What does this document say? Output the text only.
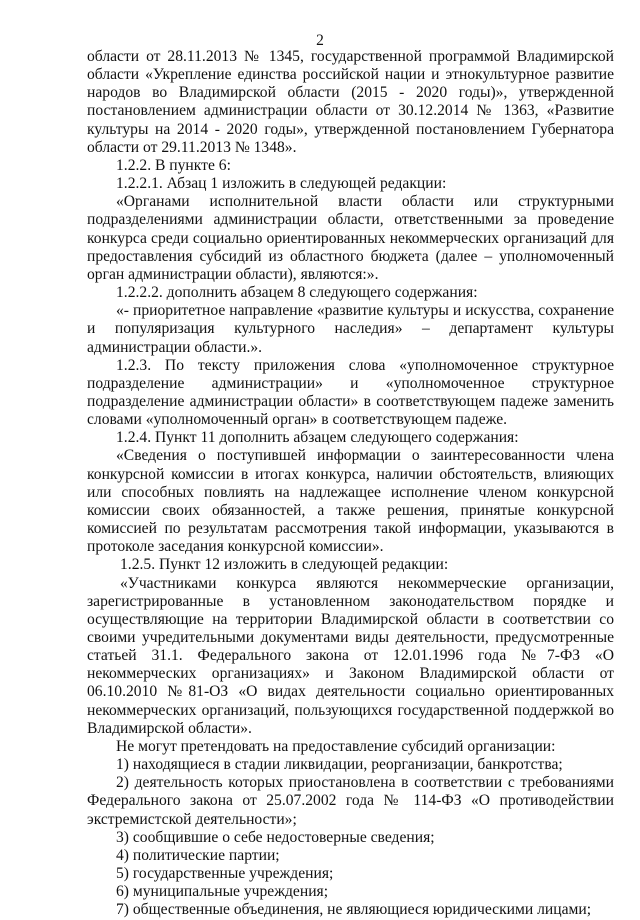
2

области от 28.11.2013 № 1345, государственной программой Владимирской области «Укрепление единства российской нации и этнокультурное развитие народов во Владимирской области (2015 - 2020 годы)», утвержденной постановлением администрации области от 30.12.2014 № 1363, «Развитие культуры на 2014 - 2020 годы», утвержденной постановлением Губернатора области от 29.11.2013 № 1348».

1.2.2. В пункте 6:

1.2.2.1. Абзац 1 изложить в следующей редакции:

«Органами исполнительной власти области или структурными подразделениями администрации области, ответственными за проведение конкурса среди социально ориентированных некоммерческих организаций для предоставления субсидий из областного бюджета (далее – уполномоченный орган администрации области), являются:».

1.2.2.2. дополнить абзацем 8 следующего содержания:

«- приоритетное направление «развитие культуры и искусства, сохранение и популяризация культурного наследия» – департамент культуры администрации области.».

1.2.3. По тексту приложения слова «уполномоченное структурное подразделение администрации» и «уполномоченное структурное подразделение администрации области» в соответствующем падеже заменить словами «уполномоченный орган» в соответствующем падеже.

1.2.4. Пункт 11 дополнить абзацем следующего содержания:

«Сведения о поступившей информации о заинтересованности члена конкурсной комиссии в итогах конкурса, наличии обстоятельств, влияющих или способных повлиять на надлежащее исполнение членом конкурсной комиссии своих обязанностей, а также решения, принятые конкурсной комиссией по результатам рассмотрения такой информации, указываются в протоколе заседания конкурсной комиссии».

1.2.5. Пункт 12 изложить в следующей редакции:

«Участниками конкурса являются некоммерческие организации, зарегистрированные в установленном законодательством порядке и осуществляющие на территории Владимирской области в соответствии со своими учредительными документами виды деятельности, предусмотренные статьей 31.1. Федерального закона от 12.01.1996 года №7-ФЗ «О некоммерческих организациях» и Законом Владимирской области от 06.10.2010 №81-ОЗ «О видах деятельности социально ориентированных некоммерческих организаций, пользующихся государственной поддержкой во Владимирской области».

Не могут претендовать на предоставление субсидий организации:

1) находящиеся в стадии ликвидации, реорганизации, банкротства;

2) деятельность которых приостановлена в соответствии с требованиями Федерального закона от 25.07.2002 года № 114-ФЗ «О противодействии экстремистской деятельности»;

3) сообщившие о себе недостоверные сведения;

4) политические партии;

5) государственные учреждения;

6) муниципальные учреждения;

7) общественные объединения, не являющиеся юридическими лицами;
